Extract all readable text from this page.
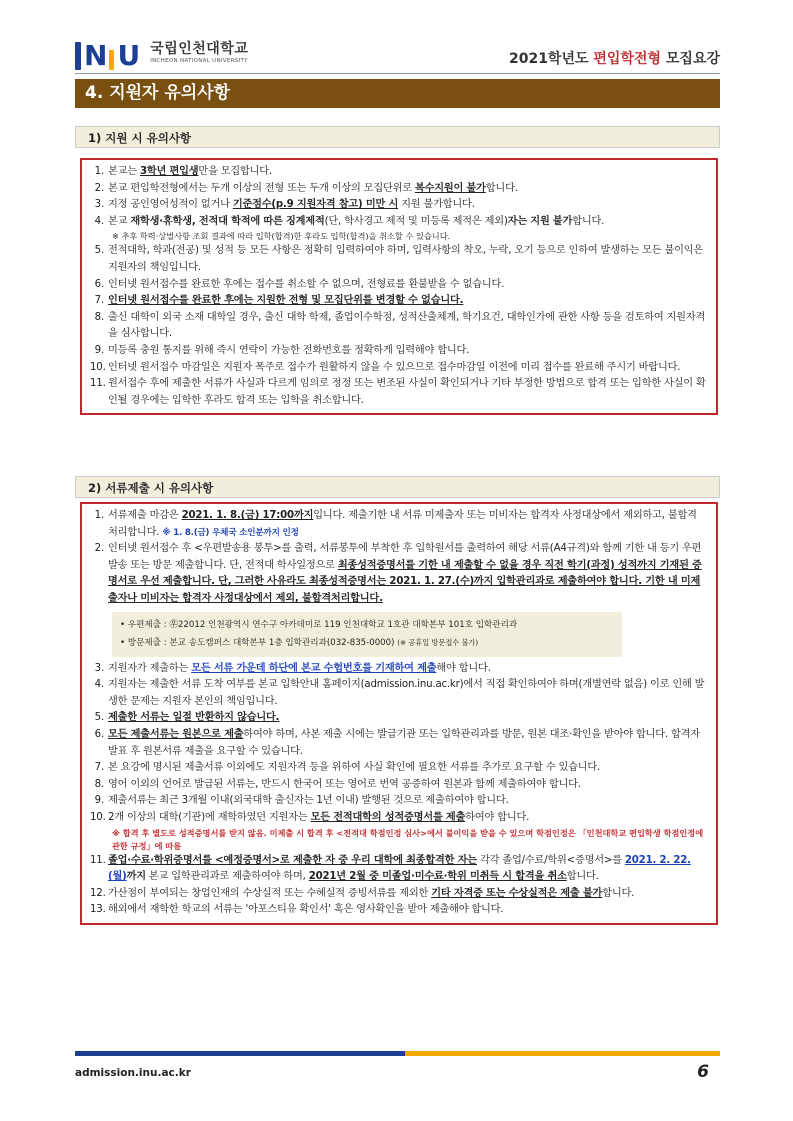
N U 국립인천대학교
INCHEON NATIONAL UNIVERSITY	2021학년도 편입학전형 모집요강
4. 지원자 유의사항
1) 지원 시 유의사항
1. 본교는 3학년 편입생만을 모집합니다.
2. 본교 편입학전형에서는 두개 이상의 전형 또는 두개 이상의 모집단위로 복수지원이 불가합니다.
3. 지정 공인영어성적이 없거나 기준점수(p.9 지원자격 참고) 미만 시 지원 불가합니다.
4. 본교 재학생·휴학생, 전적대 학적에 따른 징계제적(단, 학사경고 제적 및 미등록 제적은 제외)자는 지원 불가합니다.
※ 추후 학력·상벌사항 조회 결과에 따라 입학(합격)한 후라도 입학(합격)을 취소할 수 있습니다.
5. 전적대학, 학과(전공) 및 성적 등 모든 사항은 정확히 입력하여야 하며, 입력사항의 착오, 누락, 오기 등으로 인하여 발생하는 모든 불이익은 지원자의 책임입니다.
6. 인터넷 원서접수를 완료한 후에는 접수를 취소할 수 없으며, 전형료를 환불받을 수 없습니다.
7. 인터넷 원서접수를 완료한 후에는 지원한 전형 및 모집단위를 변경할 수 없습니다.
8. 출신 대학이 외국 소재 대학일 경우, 출신 대학 학제, 졸업이수학점, 성적산출체계, 학기요건, 대학인가에 관한 사항 등을 검토하여 지원자격을 심사합니다.
9. 미등록 충원 통지를 위해 즉시 연락이 가능한 전화번호를 정확하게 입력해야 합니다.
10. 인터넷 원서접수 마감일은 지원자 폭주로 접수가 원활하지 않을 수 있으므로 접수마감일 이전에 미리 접수를 완료해 주시기 바랍니다.
11. 원서접수 후에 제출한 서류가 사실과 다르게 임의로 정정 또는 변조된 사실이 확인되거나 기타 부정한 방법으로 합격 또는 입학한 사실이 확인될 경우에는 입학한 후라도 합격 또는 입학을 취소합니다.
2) 서류제출 시 유의사항
1. 서류제출 마감은 2021. 1. 8.(금) 17:00까지입니다. 제출기한 내 서류 미제출자 또는 미비자는 합격자 사정대상에서 제외하고, 불합격 처리합니다. ※ 1. 8.(금) 우체국 소인분까지 인정
2. 인터넷 원서접수 후 <우편발송용 봉투>를 출력, 서류봉투에 부착한 후 입학원서를 출력하여 해당 서류(A4규격)와 함께 기한 내 등기 우편 발송 또는 방문 제출합니다. 단, 전적대 학사일정으로 최종성적증명서를 기한 내 제출할 수 없을 경우 직전 학기(과정) 성적까지 기재된 증명서로 우선 제출합니다. 단, 그러한 사유라도 최종성적증명서는 2021. 1. 27.(수)까지 입학관리과로 제출하여야 합니다. 기한 내 미제출자나 미비자는 합격자 사정대상에서 제외, 불합격처리합니다.
• 우편제출 : ㉾22012 인천광역시 연수구 아카데미로 119 인천대학교 1호관 대학본부 101호 입학관리과
• 방문제출 : 본교 송도캠퍼스 대학본부 1층 입학관리과(032-835-0000) (※ 공휴일 방문접수 불가)
3. 지원자가 제출하는 모든 서류 가운데 하단에 본교 수험번호를 기재하여 제출해야 합니다.
4. 지원자는 제출한 서류 도착 여부를 본교 입학안내 홈페이지(admission.inu.ac.kr)에서 직접 확인하여야 하며(개별연락 없음) 이로 인해 발생한 문제는 지원자 본인의 책임입니다.
5. 제출한 서류는 일절 반환하지 않습니다.
6. 모든 제출서류는 원본으로 제출하여야 하며, 사본 제출 시에는 발급기관 또는 입학관리과를 방문, 원본 대조·확인을 받아야 합니다. 합격자 발표 후 원본서류 제출을 요구할 수 있습니다.
7. 본 요강에 명시된 제출서류 이외에도 지원자격 등을 위하여 사실 확인에 필요한 서류를 추가로 요구할 수 있습니다.
8. 영어 이외의 언어로 발급된 서류는, 반드시 한국어 또는 영어로 번역 공증하여 원본과 함께 제출하여야 합니다.
9. 제출서류는 최근 3개월 이내(외국대학 출신자는 1년 이내) 발행된 것으로 제출하여야 합니다.
10. 2개 이상의 대학(기관)에 재학하였던 지원자는 모든 전적대학의 성적증명서를 제출하여야 합니다.
※ 합격 후 별도로 성적증명서를 받지 않음. 미제출 시 합격 후 <전적대 학점인정 심사>에서 불이익을 받을 수 있으며 학점인정은 「인천대학교 편입학생 학점인정에 관한 규정」에 따름
11. 졸업·수료·학위증명서를 <예정증명서>로 제출한 자 중 우리 대학에 최종합격한 자는 각각 졸업/수료/학위<증명서>를 2021. 2. 22.(월)까지 본교 입학관리과로 제출하여야 하며, 2021년 2월 중 미졸업·미수료·학위 미취득 시 합격을 취소합니다.
12. 가산점이 부여되는 창업인재의 수상실적 또는 수혜실적 증빙서류를 제외한 기타 자격증 또는 수상실적은 제출 불가합니다.
13. 해외에서 재학한 학교의 서류는 '아포스티유 확인서' 혹은 영사확인을 받아 제출해야 합니다.
admission.inu.ac.kr	6
